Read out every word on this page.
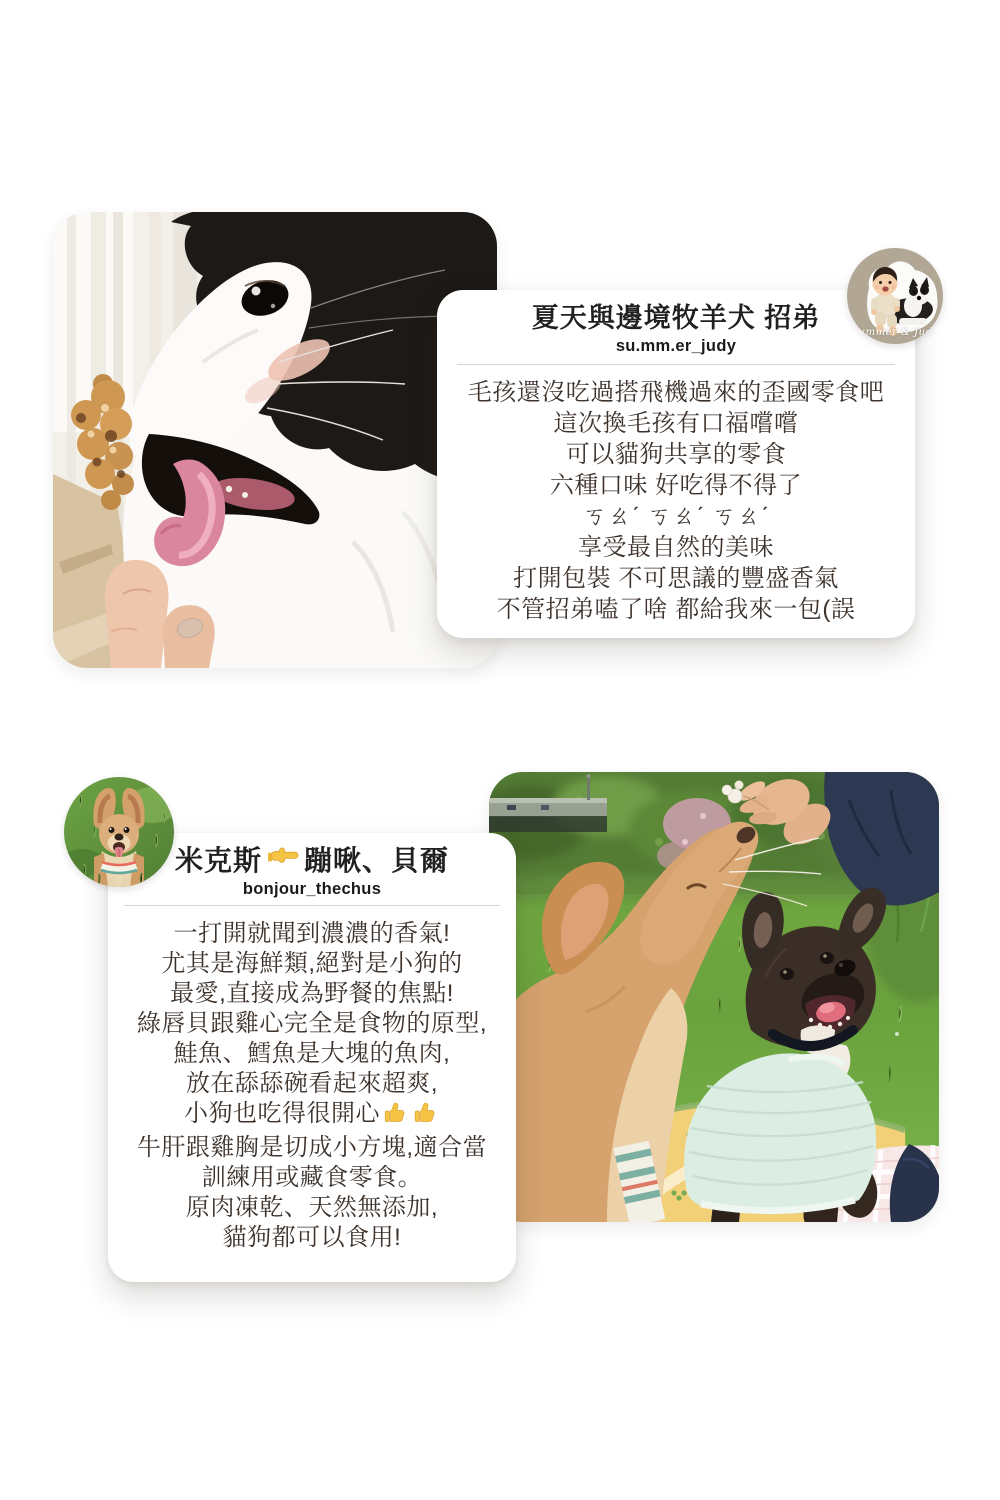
夏天與邊境牧羊犬 招弟
su.mm.er_judy

毛孩還沒吃過搭飛機過來的歪國零食吧

這次換毛孩有口福嚐嚐

可以貓狗共享的零食

六種口味 好吃得不得了

ㄎㄠˊ ㄎㄠˊ ㄎㄠˊ

享受最自然的美味

打開包裝 不可思議的豐盛香氣

不管招弟嗑了啥 都給我來一包(誤

Summer & Judy
米克斯 蹦啾、貝爾
bonjour_thechus

一打開就聞到濃濃的香氣!

尤其是海鮮類,絕對是小狗的

最愛,直接成為野餐的焦點!

綠唇貝跟雞心完全是食物的原型,

鮭魚、鱈魚是大塊的魚肉,

放在舔舔碗看起來超爽,

小狗也吃得很開心

牛肝跟雞胸是切成小方塊,適合當

訓練用或藏食零食。

原肉凍乾、天然無添加,

貓狗都可以食用!
